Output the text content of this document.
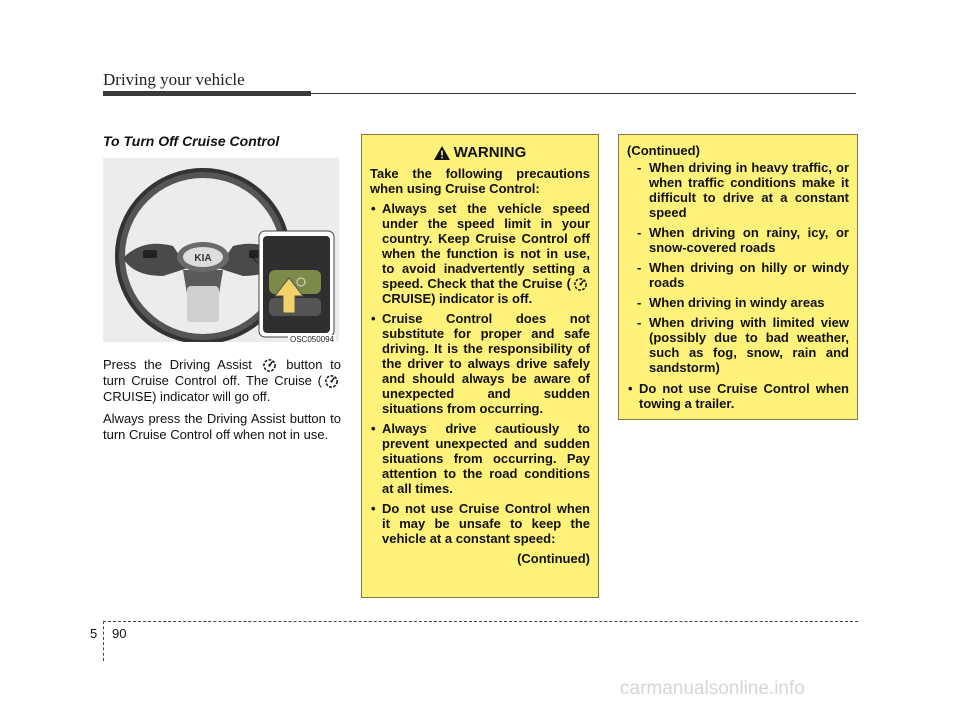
Driving your vehicle
To Turn Off Cruise Control
KIA
OSC050094

Press the Driving Assist	button to turn Cruise Control off. The Cruise ( CRUISE) indicator will go off.

Always press the Driving Assist button to turn Cruise Control off when not in use.

WARNING
Take the following precautions when using Cruise Control:
• Always set the vehicle speed under the speed limit in your country. Keep Cruise Control off when the function is not in use, to avoid inadvertently setting a speed. Check that the Cruise ( CRUISE) indicator is off.
• Cruise Control does not substitute for proper and safe driving. It is the responsibility of the driver to always drive safely and should always be aware of unexpected and sudden situations from occurring.
• Always drive cautiously to prevent unexpected and sudden situations from occurring. Pay attention to the road conditions at all times.
• Do not use Cruise Control when it may be unsafe to keep the vehicle at a constant speed:
(Continued)
(Continued)
- When driving in heavy traffic, or when traffic conditions make it difficult to drive at a constant speed
- When driving on rainy, icy, or snow-covered roads
- When driving on hilly or windy roads
- When driving in windy areas
- When driving with limited view (possibly due to bad weather, such as fog, snow, rain and sandstorm)
• Do not use Cruise Control when towing a trailer.
5 90
carmanualsonline.info
